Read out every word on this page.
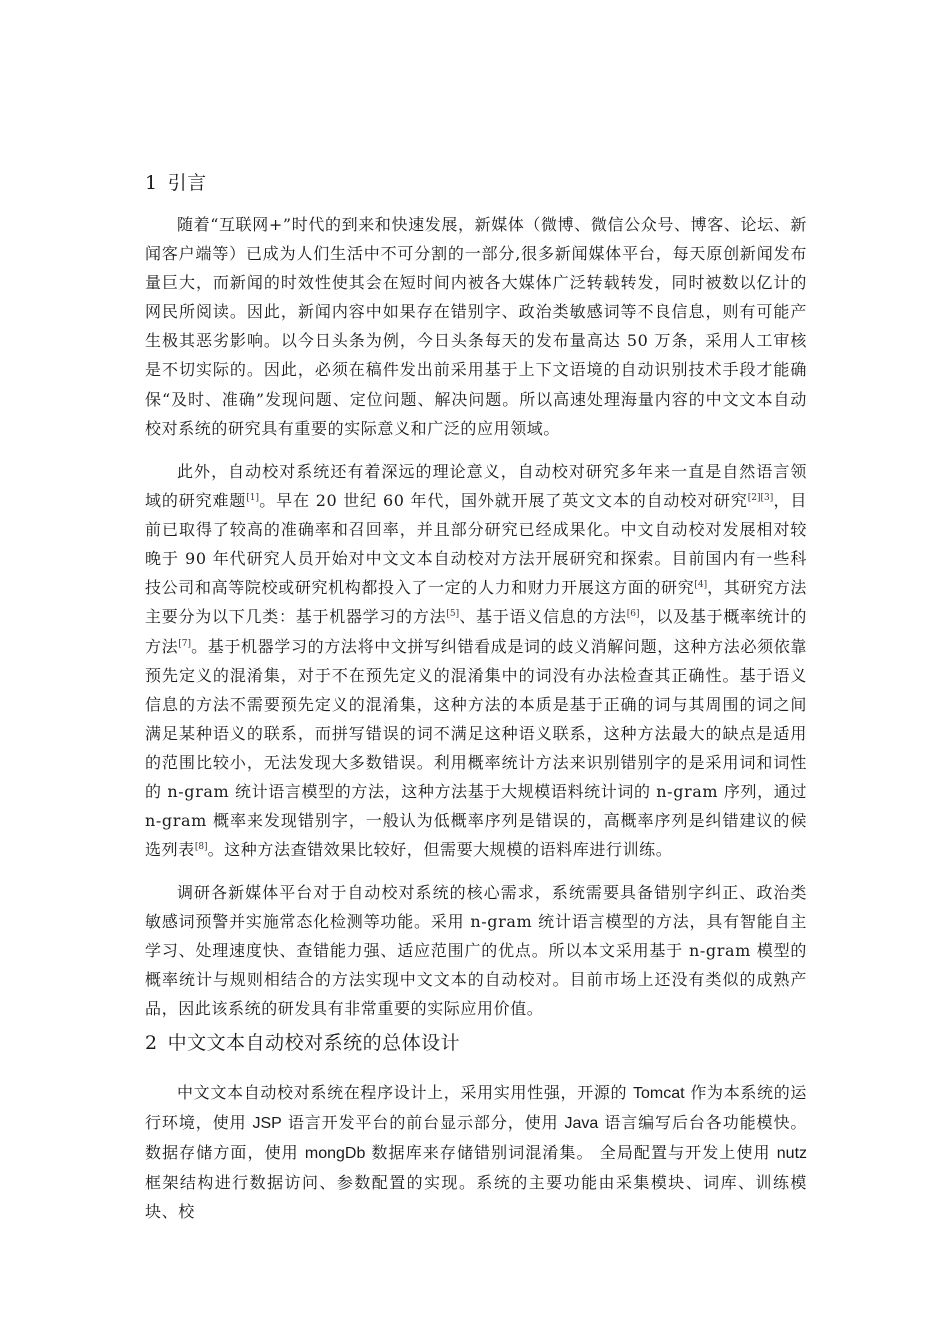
1 引言

随着“互联网+”时代的到来和快速发展，新媒体（微博、微信公众号、博客、论坛、新闻客户端等）已成为人们生活中不可分割的一部分,很多新闻媒体平台，每天原创新闻发布量巨大，而新闻的时效性使其会在短时间内被各大媒体广泛转载转发，同时被数以亿计的网民所阅读。因此，新闻内容中如果存在错别字、政治类敏感词等不良信息，则有可能产生极其恶劣影响。以今日头条为例，今日头条每天的发布量高达 50 万条，采用人工审核是不切实际的。因此，必须在稿件发出前采用基于上下文语境的自动识别技术手段才能确保“及时、准确”发现问题、定位问题、解决问题。所以高速处理海量内容的中文文本自动校对系统的研究具有重要的实际意义和广泛的应用领域。

此外，自动校对系统还有着深远的理论意义，自动校对研究多年来一直是自然语言领域的研究难题[1]。早在 20 世纪 60 年代，国外就开展了英文文本的自动校对研究[2][3]，目前已取得了较高的准确率和召回率，并且部分研究已经成果化。中文自动校对发展相对较晚于 90 年代研究人员开始对中文文本自动校对方法开展研究和探索。目前国内有一些科技公司和高等院校或研究机构都投入了一定的人力和财力开展这方面的研究[4]，其研究方法主要分为以下几类：基于机器学习的方法[5]、基于语义信息的方法[6]，以及基于概率统计的方法[7]。基于机器学习的方法将中文拼写纠错看成是词的歧义消解问题，这种方法必须依靠预先定义的混淆集，对于不在预先定义的混淆集中的词没有办法检查其正确性。基于语义信息的方法不需要预先定义的混淆集，这种方法的本质是基于正确的词与其周围的词之间满足某种语义的联系，而拼写错误的词不满足这种语义联系，这种方法最大的缺点是适用的范围比较小，无法发现大多数错误。利用概率统计方法来识别错别字的是采用词和词性的 n-gram 统计语言模型的方法，这种方法基于大规模语料统计词的 n-gram 序列，通过 n-gram 概率来发现错别字，一般认为低概率序列是错误的，高概率序列是纠错建议的候选列表[8]。这种方法查错效果比较好，但需要大规模的语料库进行训练。

调研各新媒体平台对于自动校对系统的核心需求，系统需要具备错别字纠正、政治类敏感词预警并实施常态化检测等功能。采用 n-gram 统计语言模型的方法，具有智能自主学习、处理速度快、查错能力强、适应范围广的优点。所以本文采用基于 n-gram 模型的概率统计与规则相结合的方法实现中文文本的自动校对。目前市场上还没有类似的成熟产品，因此该系统的研发具有非常重要的实际应用价值。

2 中文文本自动校对系统的总体设计

中文文本自动校对系统在程序设计上，采用实用性强，开源的 Tomcat 作为本系统的运行环境，使用 JSP 语言开发平台的前台显示部分，使用 Java 语言编写后台各功能模快。数据存储方面，使用 mongDb 数据库来存储错别词混淆集。 全局配置与开发上使用 nutz 框架结构进行数据访问、参数配置的实现。系统的主要功能由采集模块、词库、训练模块、校
